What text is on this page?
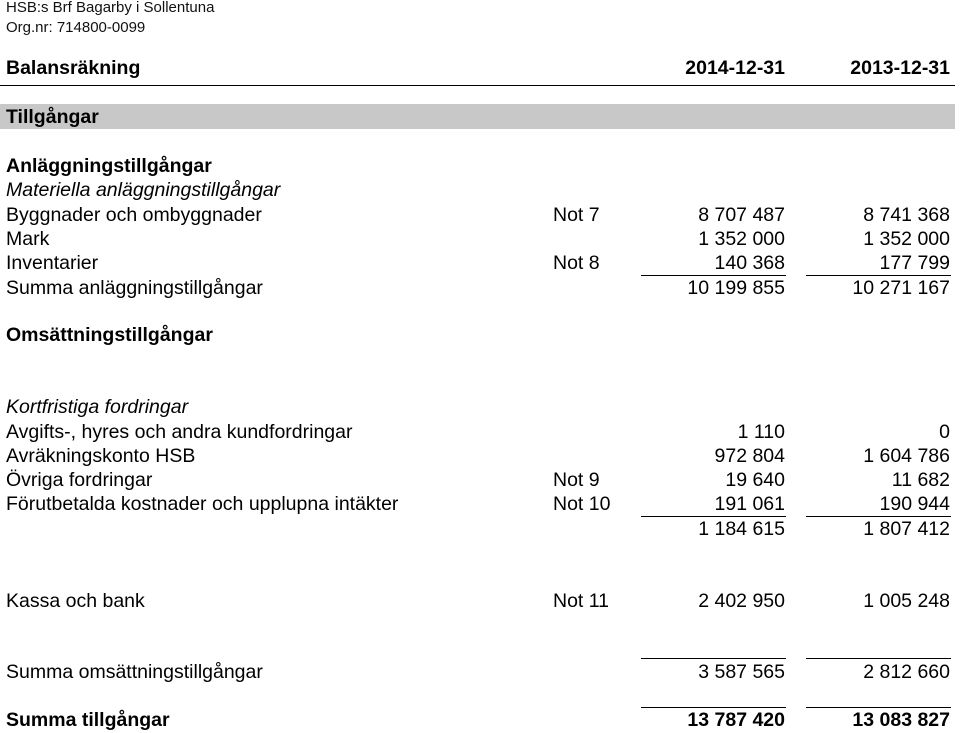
HSB:s Brf Bagarby i Sollentuna
Org.nr: 714800-0099
Balansräkning	2014-12-31	2013-12-31
Tillgångar
Anläggningstillgångar
Materiella anläggningstillgångar
Byggnader och ombyggnader	Not 7	8 707 487	8 741 368
Mark	1 352 000	1 352 000
Inventarier	Not 8	140 368	177 799
Summa anläggningstillgångar	10 199 855	10 271 167
Omsättningstillgångar
Kortfristiga fordringar
Avgifts-, hyres och andra kundfordringar	1 110	0
Avräkningskonto HSB	972 804	1 604 786
Övriga fordringar	Not 9	19 640	11 682
Förutbetalda kostnader och upplupna intäkter	Not 10	191 061	190 944
1 184 615	1 807 412
Kassa och bank	Not 11	2 402 950	1 005 248
Summa omsättningstillgångar	3 587 565	2 812 660
Summa tillgångar	13 787 420	13 083 827
